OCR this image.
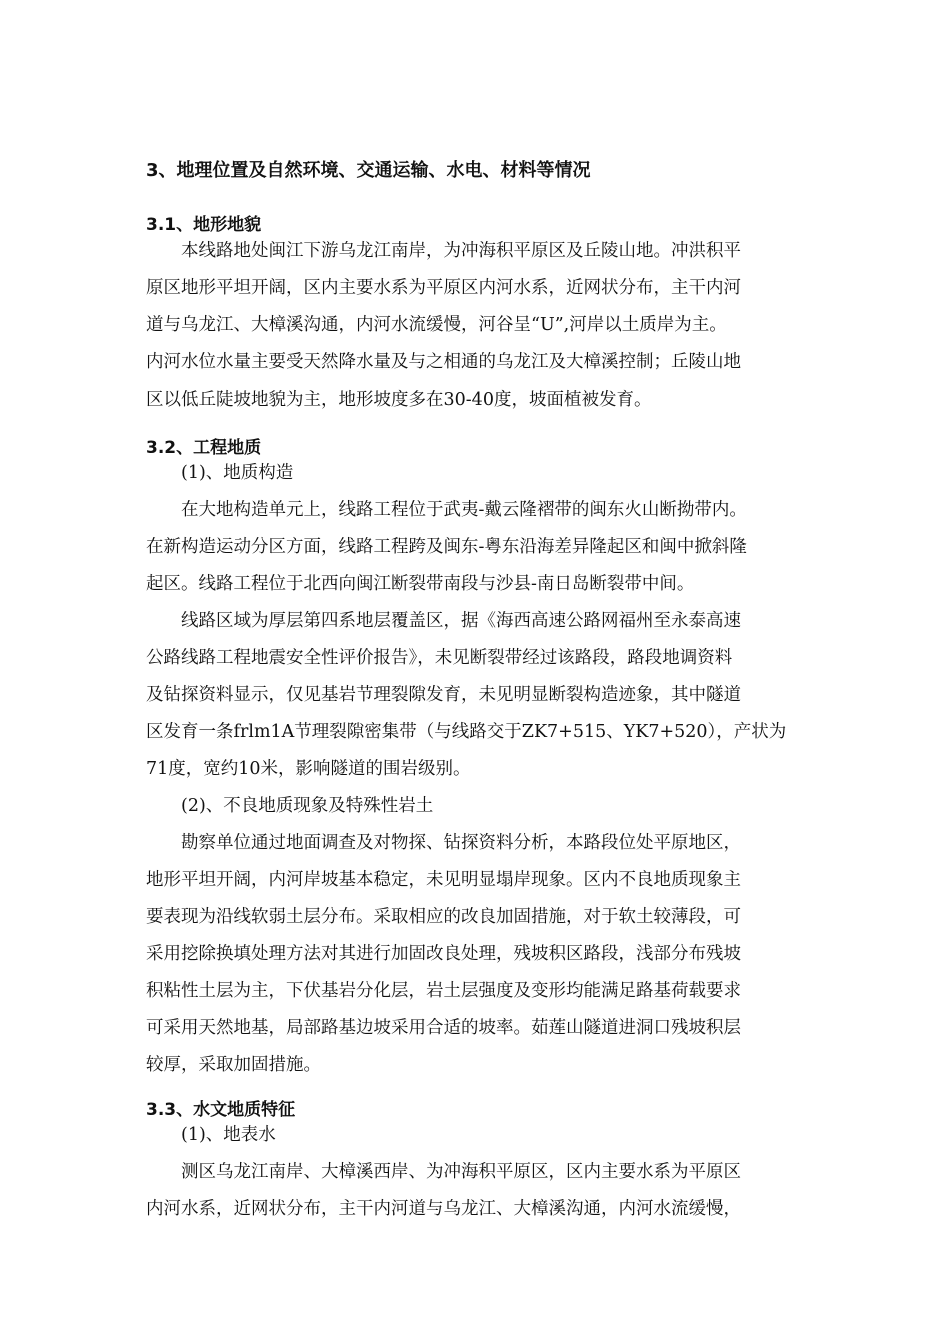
3、地理位置及自然环境、交通运输、水电、材料等情况
3.1、地形地貌
本线路地处闽江下游乌龙江南岸，为冲海积平原区及丘陵山地。冲洪积平
原区地形平坦开阔，区内主要水系为平原区内河水系，近网状分布，主干内河
道与乌龙江、大樟溪沟通，内河水流缓慢，河谷呈“U”,河岸以土质岸为主。
内河水位水量主要受天然降水量及与之相通的乌龙江及大樟溪控制；丘陵山地
区以低丘陡坡地貌为主，地形坡度多在30-40度，坡面植被发育。
3.2、工程地质
(1)、地质构造
在大地构造单元上，线路工程位于武夷-戴云隆褶带的闽东火山断拗带内。
在新构造运动分区方面，线路工程跨及闽东-粤东沿海差异隆起区和闽中掀斜隆
起区。线路工程位于北西向闽江断裂带南段与沙县-南日岛断裂带中间。
线路区域为厚层第四系地层覆盖区，据《海西高速公路网福州至永泰高速
公路线路工程地震安全性评价报告》，未见断裂带经过该路段，路段地调资料
及钻探资料显示，仅见基岩节理裂隙发育，未见明显断裂构造迹象，其中隧道
区发育一条frlm1A节理裂隙密集带（与线路交于ZK7+515、YK7+520），产状为
71度，宽约10米，影响隧道的围岩级别。
(2)、不良地质现象及特殊性岩土
勘察单位通过地面调查及对物探、钻探资料分析，本路段位处平原地区，
地形平坦开阔，内河岸坡基本稳定，未见明显塌岸现象。区内不良地质现象主
要表现为沿线软弱土层分布。采取相应的改良加固措施，对于软土较薄段，可
采用挖除换填处理方法对其进行加固改良处理，残坡积区路段，浅部分布残坡
积粘性土层为主，下伏基岩分化层，岩土层强度及变形均能满足路基荷载要求
可采用天然地基，局部路基边坡采用合适的坡率。茹莲山隧道进洞口残坡积层
较厚，采取加固措施。
3.3、水文地质特征
(1)、地表水
测区乌龙江南岸、大樟溪西岸、为冲海积平原区，区内主要水系为平原区
内河水系，近网状分布，主干内河道与乌龙江、大樟溪沟通，内河水流缓慢，
